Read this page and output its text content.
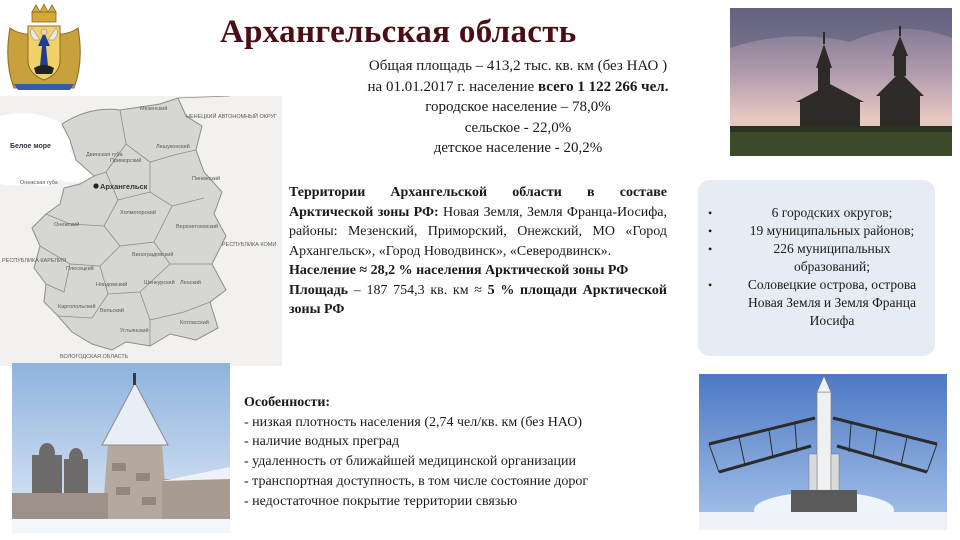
Архангельская область
Белое море
Архангельск
НЕНЕЦКИЙ АВТОНОМНЫЙ ОКРУГ
РЕСПУБЛИКА КОМИ
РЕСПУБЛИКА КАРЕЛИЯ
ВОЛОГОДСКАЯ ОБЛАСТЬ
Двинская губа
Онежская губа
Мезенский
Лешуконский
Пинежский
Приморский
Холмогорский
Онежский
Плесецкий
Виноградовский
Верхнетоемский
Каргопольский
Няндомский
Устьянский
Котласский
Ленский
Шенкурский
Вельский
Общая площадь – 413,2 тыс. кв. км (без НАО )
на 01.01.2017 г. население всего 1 122 266 чел.
городское население – 78,0%
сельское - 22,0%
детское население - 20,2%

Территории Архангельской области в составе Арктической зоны РФ: Новая Земля, Земля Франца-Иосифа, районы: Мезенский, Приморский, Онежский, МО «Город Архангельск», «Город Новодвинск», «Северодвинск».

Население ≈ 28,2 % населения Арктической зоны РФ

Площадь – 187 754,3 кв. км ≈ 5 % площади Арктической зоны РФ

•	6 городских округов;
•	19 муниципальных районов;
•	226 муниципальных образований;
•	Соловецкие острова, острова Новая Земля и Земля Франца Иосифа
Особенности:
- низкая плотность населения (2,74 чел/кв. км (без НАО)
- наличие водных преград
- удаленность от ближайшей медицинской организации
- транспортная доступность, в том числе состояние дорог
- недостаточное покрытие территории связью
